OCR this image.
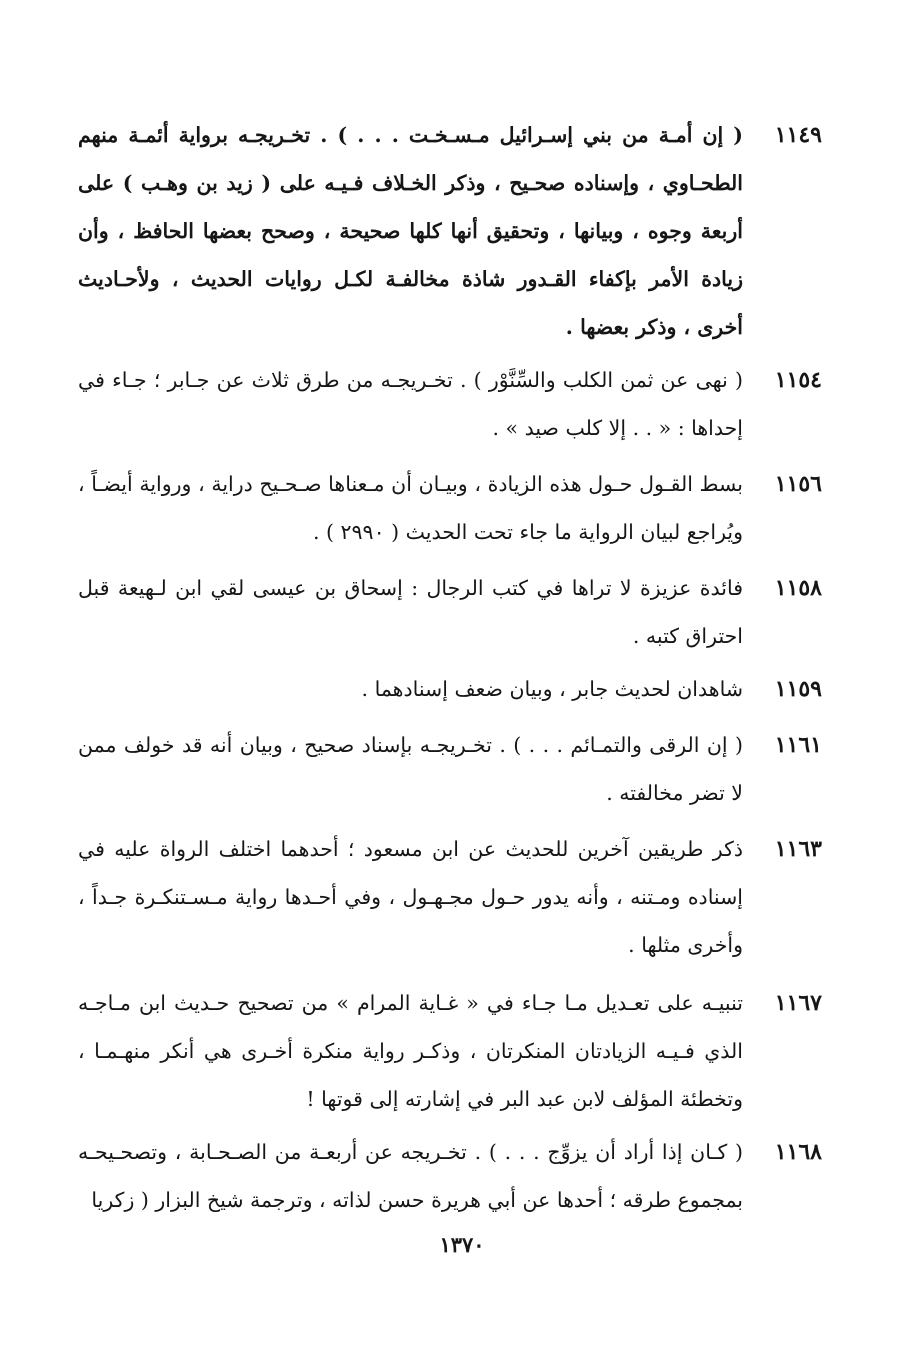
١١٤٩
( إن أمـة من بني إسـرائيل مـسـخـت . . . ) . تخـريجـه برواية أئمـة منهم الطحـاوي ، وإسناده صحـيح ، وذكر الخـلاف فـيـه على ( زيد بن وهـب ) على أربعة وجوه ، وبيانها ، وتحقيق أنها كلها صحيحة ، وصحح بعضها الحافظ ، وأن زيادة الأمر بإكفاء القـدور شاذة مخالفـة لكـل روايات الحديث ، ولأحـاديث أخرى ، وذكر بعضها .
١١٥٤
( نهى عن ثمن الكلب والسِّنَّوْر ) . تخـريجـه من طرق ثلاث عن جـابر ؛ جـاء في إحداها : « . . إلا كلب صيد » .
١١٥٦
بسط القـول حـول هذه الزيادة ، وبيـان أن مـعناها صـحـيح دراية ، ورواية أيضـاً ، ويُراجع لبيان الرواية ما جاء تحت الحديث ( ٢٩٩٠ ) .
١١٥٨
فائدة عزيزة لا تراها في كتب الرجال : إسحاق بن عيسى لقي ابن لـهيعة قبل احتراق كتبه .
١١٥٩
شاهدان لحديث جابر ، وبيان ضعف إسنادهما .
١١٦١
( إن الرقى والتمـائم . . . ) . تخـريجـه بإسناد صحيح ، وبيان أنه قد خولف ممن لا تضر مخالفته .
١١٦٣
ذكر طريقين آخرين للحديث عن ابن مسعود ؛ أحدهما اختلف الرواة عليه في إسناده ومـتنه ، وأنه يدور حـول مجـهـول ، وفي أحـدها رواية مـسـتنكـرة جـداً ، وأخرى مثلها .
١١٦٧
تنبيـه على تعـديل مـا جـاء في « غـاية المرام » من تصحيح حـديث ابن مـاجـه الذي فـيـه الزيادتان المنكرتان ، وذكـر رواية منكرة أخـرى هي أنكر منهـمـا ، وتخطئة المؤلف لابن عبد البر في إشارته إلى قوتها !
١١٦٨
( كـان إذا أراد أن يزوِّج . . . ) . تخـريجه عن أربعـة من الصـحـابة ، وتصحـيحـه بمجموع طرقه ؛ أحدها عن أبي هريرة حسن لذاته ، وترجمة شيخ البزار ( زكريا
١٣٧٠
